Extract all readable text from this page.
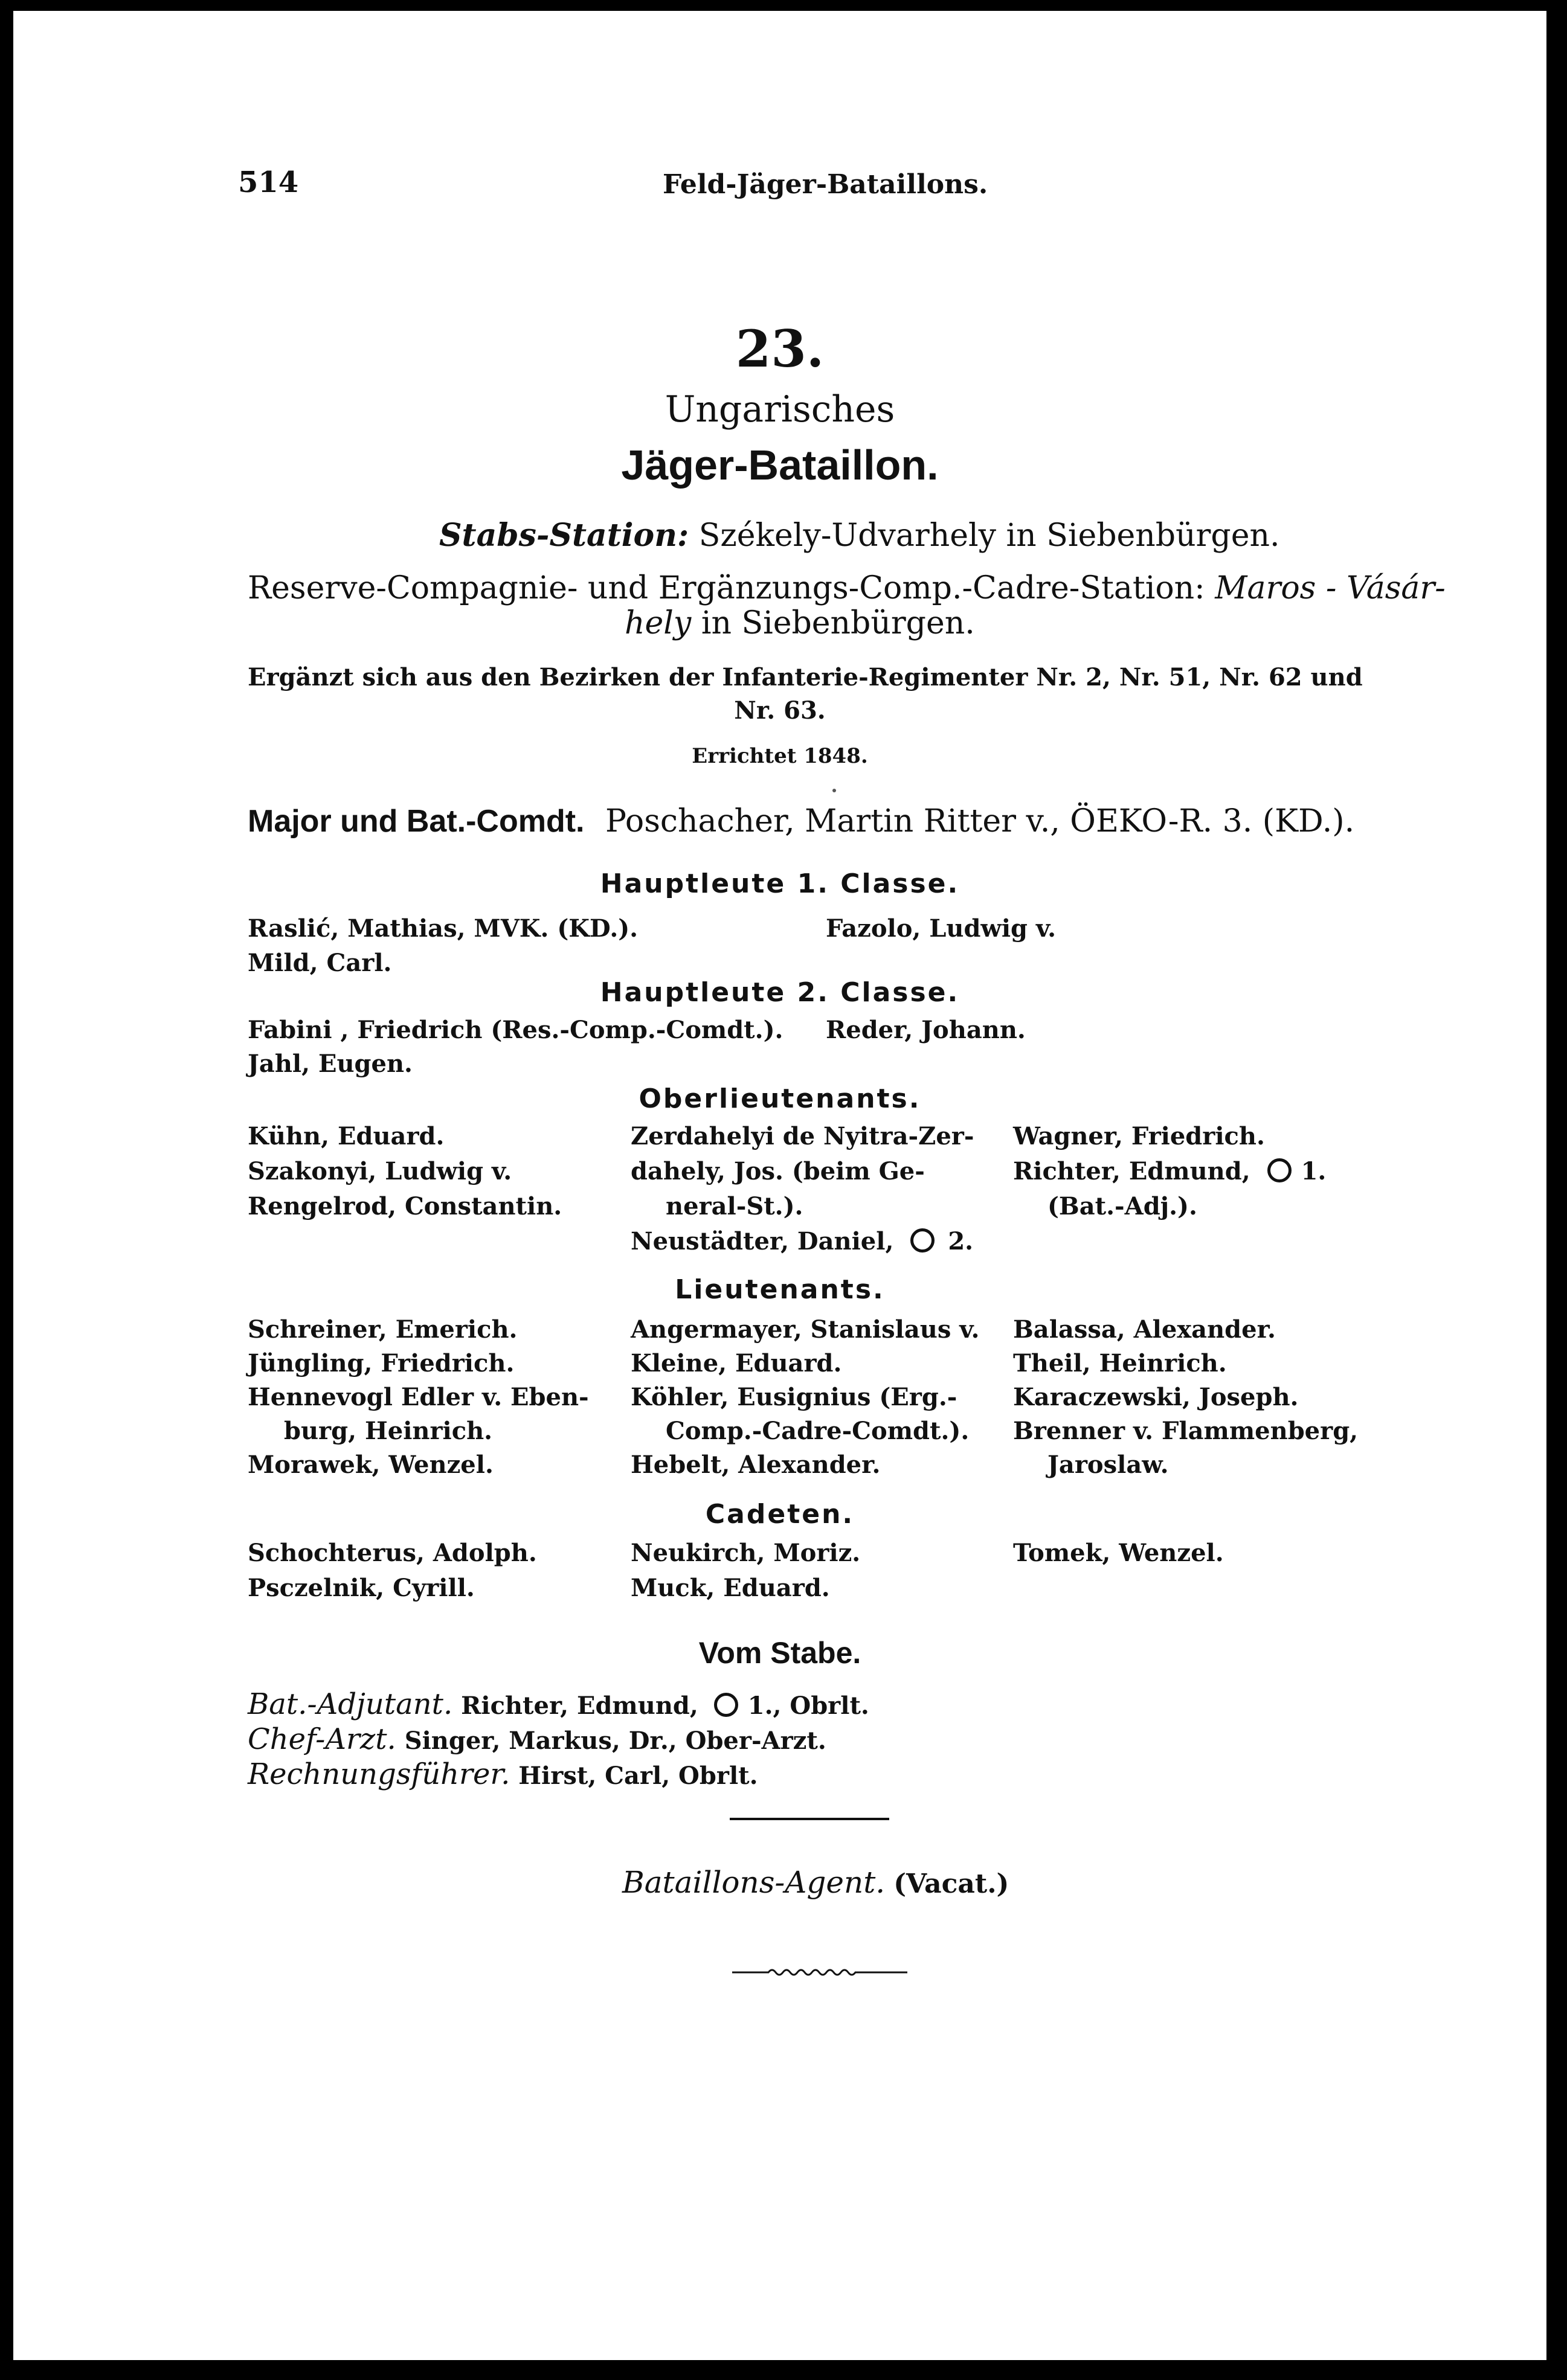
514	Feld-Jäger-Bataillons.
23.
Ungarisches
Jäger-Bataillon.
Stabs-Station: Székely-Udvarhely in Siebenbürgen.
Reserve-Compagnie- und Ergänzungs-Comp.-Cadre-Station: Maros - Vásár-
hely in Siebenbürgen.
Ergänzt sich aus den Bezirken der Infanterie-Regimenter Nr. 2, Nr. 51, Nr. 62 und
Nr. 63.
Errichtet 1848.
Major und Bat.-Comdt. Poschacher, Martin Ritter v., ÖEKO-R. 3. (KD.).
Hauptleute 1. Classe.
Raslić, Mathias, MVK. (KD.).	Fazolo, Ludwig v.
Mild, Carl.
Hauptleute 2. Classe.
Fabini , Friedrich (Res.-Comp.-Comdt.). Reder, Johann.
Jahl, Eugen.
Oberlieutenants.
Kühn, Eduard.
Szakonyi, Ludwig v.
Rengelrod, Constantin.
Zerdahelyi de Nyitra-Zer-
dahely, Jos. (beim Ge-
neral-St.).
Neustädter, Daniel, 2.
Wagner, Friedrich.
Richter, Edmund, 1.
(Bat.-Adj.).
Lieutenants.
Schreiner, Emerich.
Jüngling, Friedrich.
Hennevogl Edler v. Eben-
burg, Heinrich.
Morawek, Wenzel.
Angermayer, Stanislaus v.
Kleine, Eduard.
Köhler, Eusignius (Erg.-
Comp.-Cadre-Comdt.).
Hebelt, Alexander.
Balassa, Alexander.
Theil, Heinrich.
Karaczewski, Joseph.
Brenner v. Flammenberg,
Jaroslaw.
Cadeten.
Schochterus, Adolph.
Psczelnik, Cyrill.
Neukirch, Moriz.
Muck, Eduard.
Tomek, Wenzel.
Vom Stabe.
Bat.-Adjutant. Richter, Edmund, 1., Obrlt.
Chef-Arzt. Singer, Markus, Dr., Ober-Arzt.
Rechnungsführer. Hirst, Carl, Obrlt.
Bataillons-Agent. (Vacat.)
